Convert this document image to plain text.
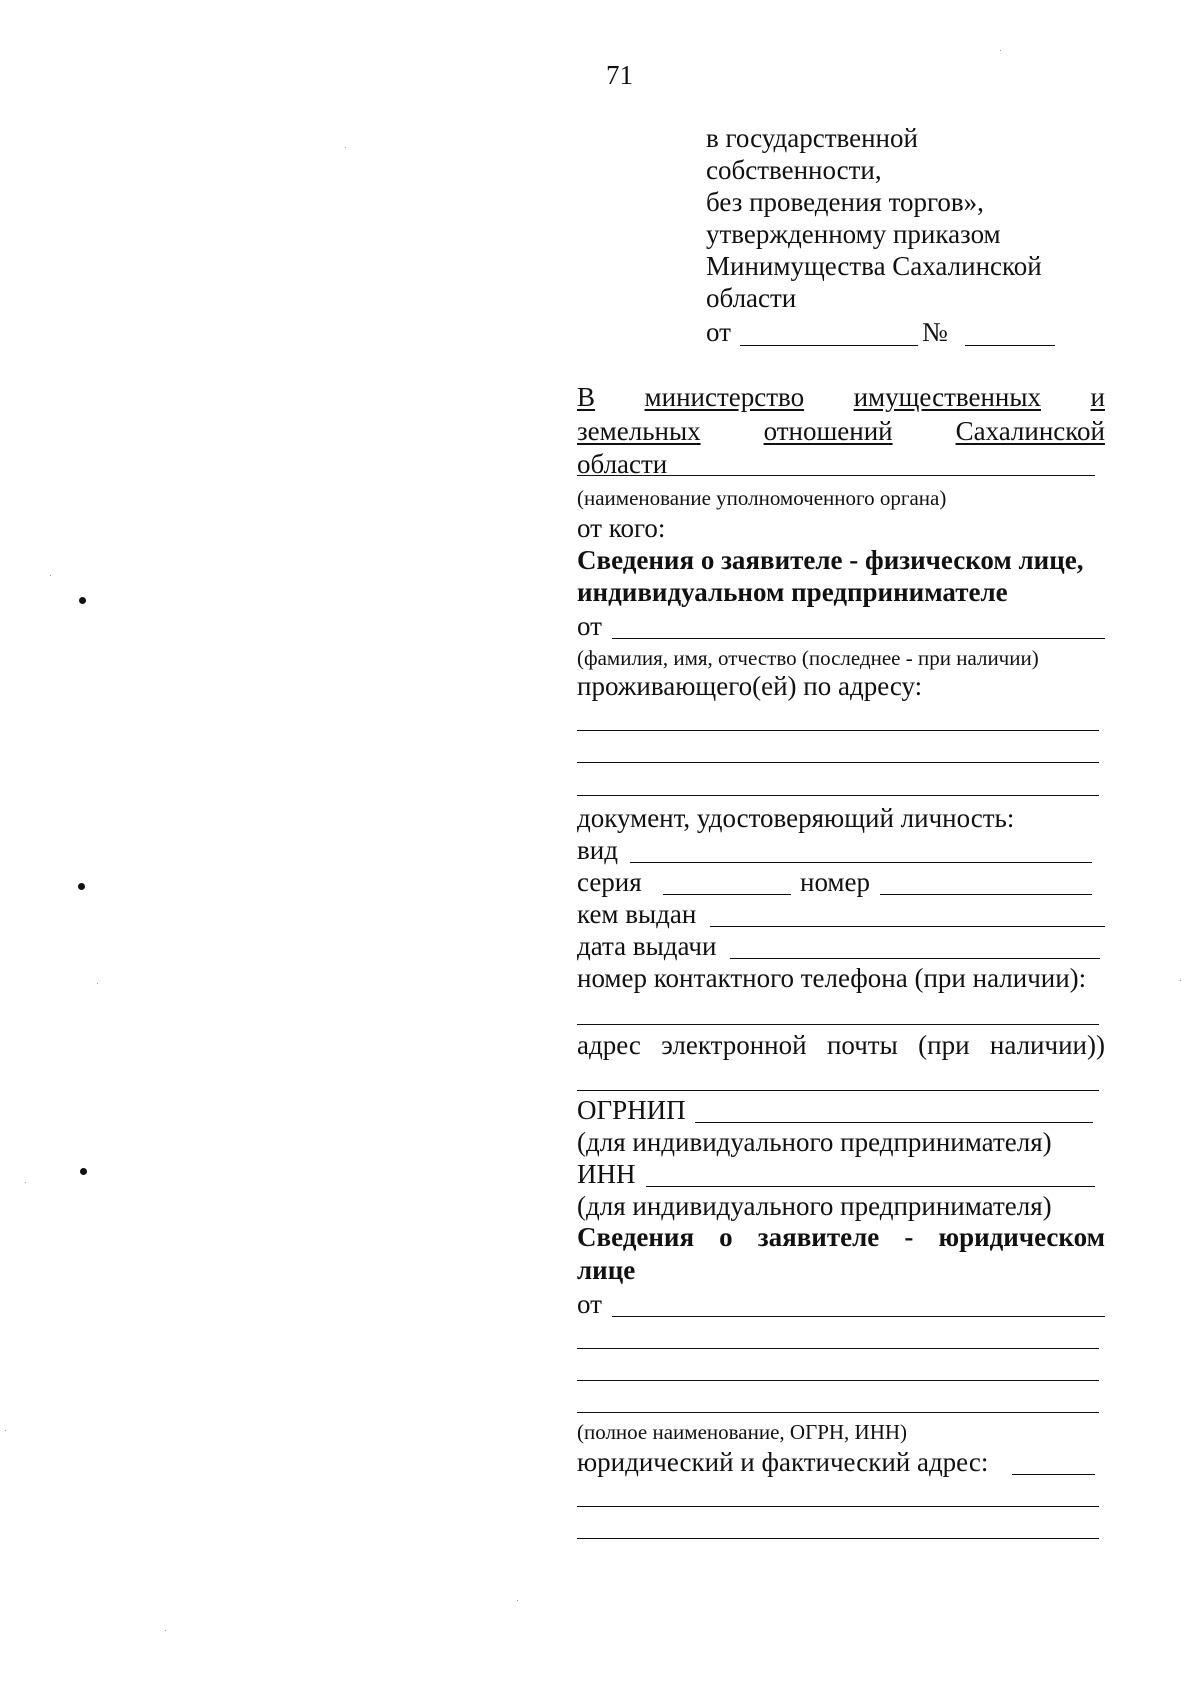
71
в государственной
собственности,
без проведения торгов»,
утвержденному приказом
Минимущества Сахалинской
области
от	№
В министерство имущественных и
земельных отношений Сахалинской
области
(наименование уполномоченного органа)
от кого:
Сведения о заявителе - физическом лице,
индивидуальном предпринимателе
от
(фамилия, имя, отчество (последнее - при наличии)
проживающего(ей) по адресу:
документ, удостоверяющий личность:
вид
серия	номер
кем выдан
дата выдачи
номер контактного телефона (при наличии):
адрес электронной почты (при наличии))
ОГРНИП
(для индивидуального предпринимателя)
ИНН
(для индивидуального предпринимателя)
Сведения о заявителе - юридическом
лице
от
(полное наименование, ОГРН, ИНН)
юридический и фактический адрес:
